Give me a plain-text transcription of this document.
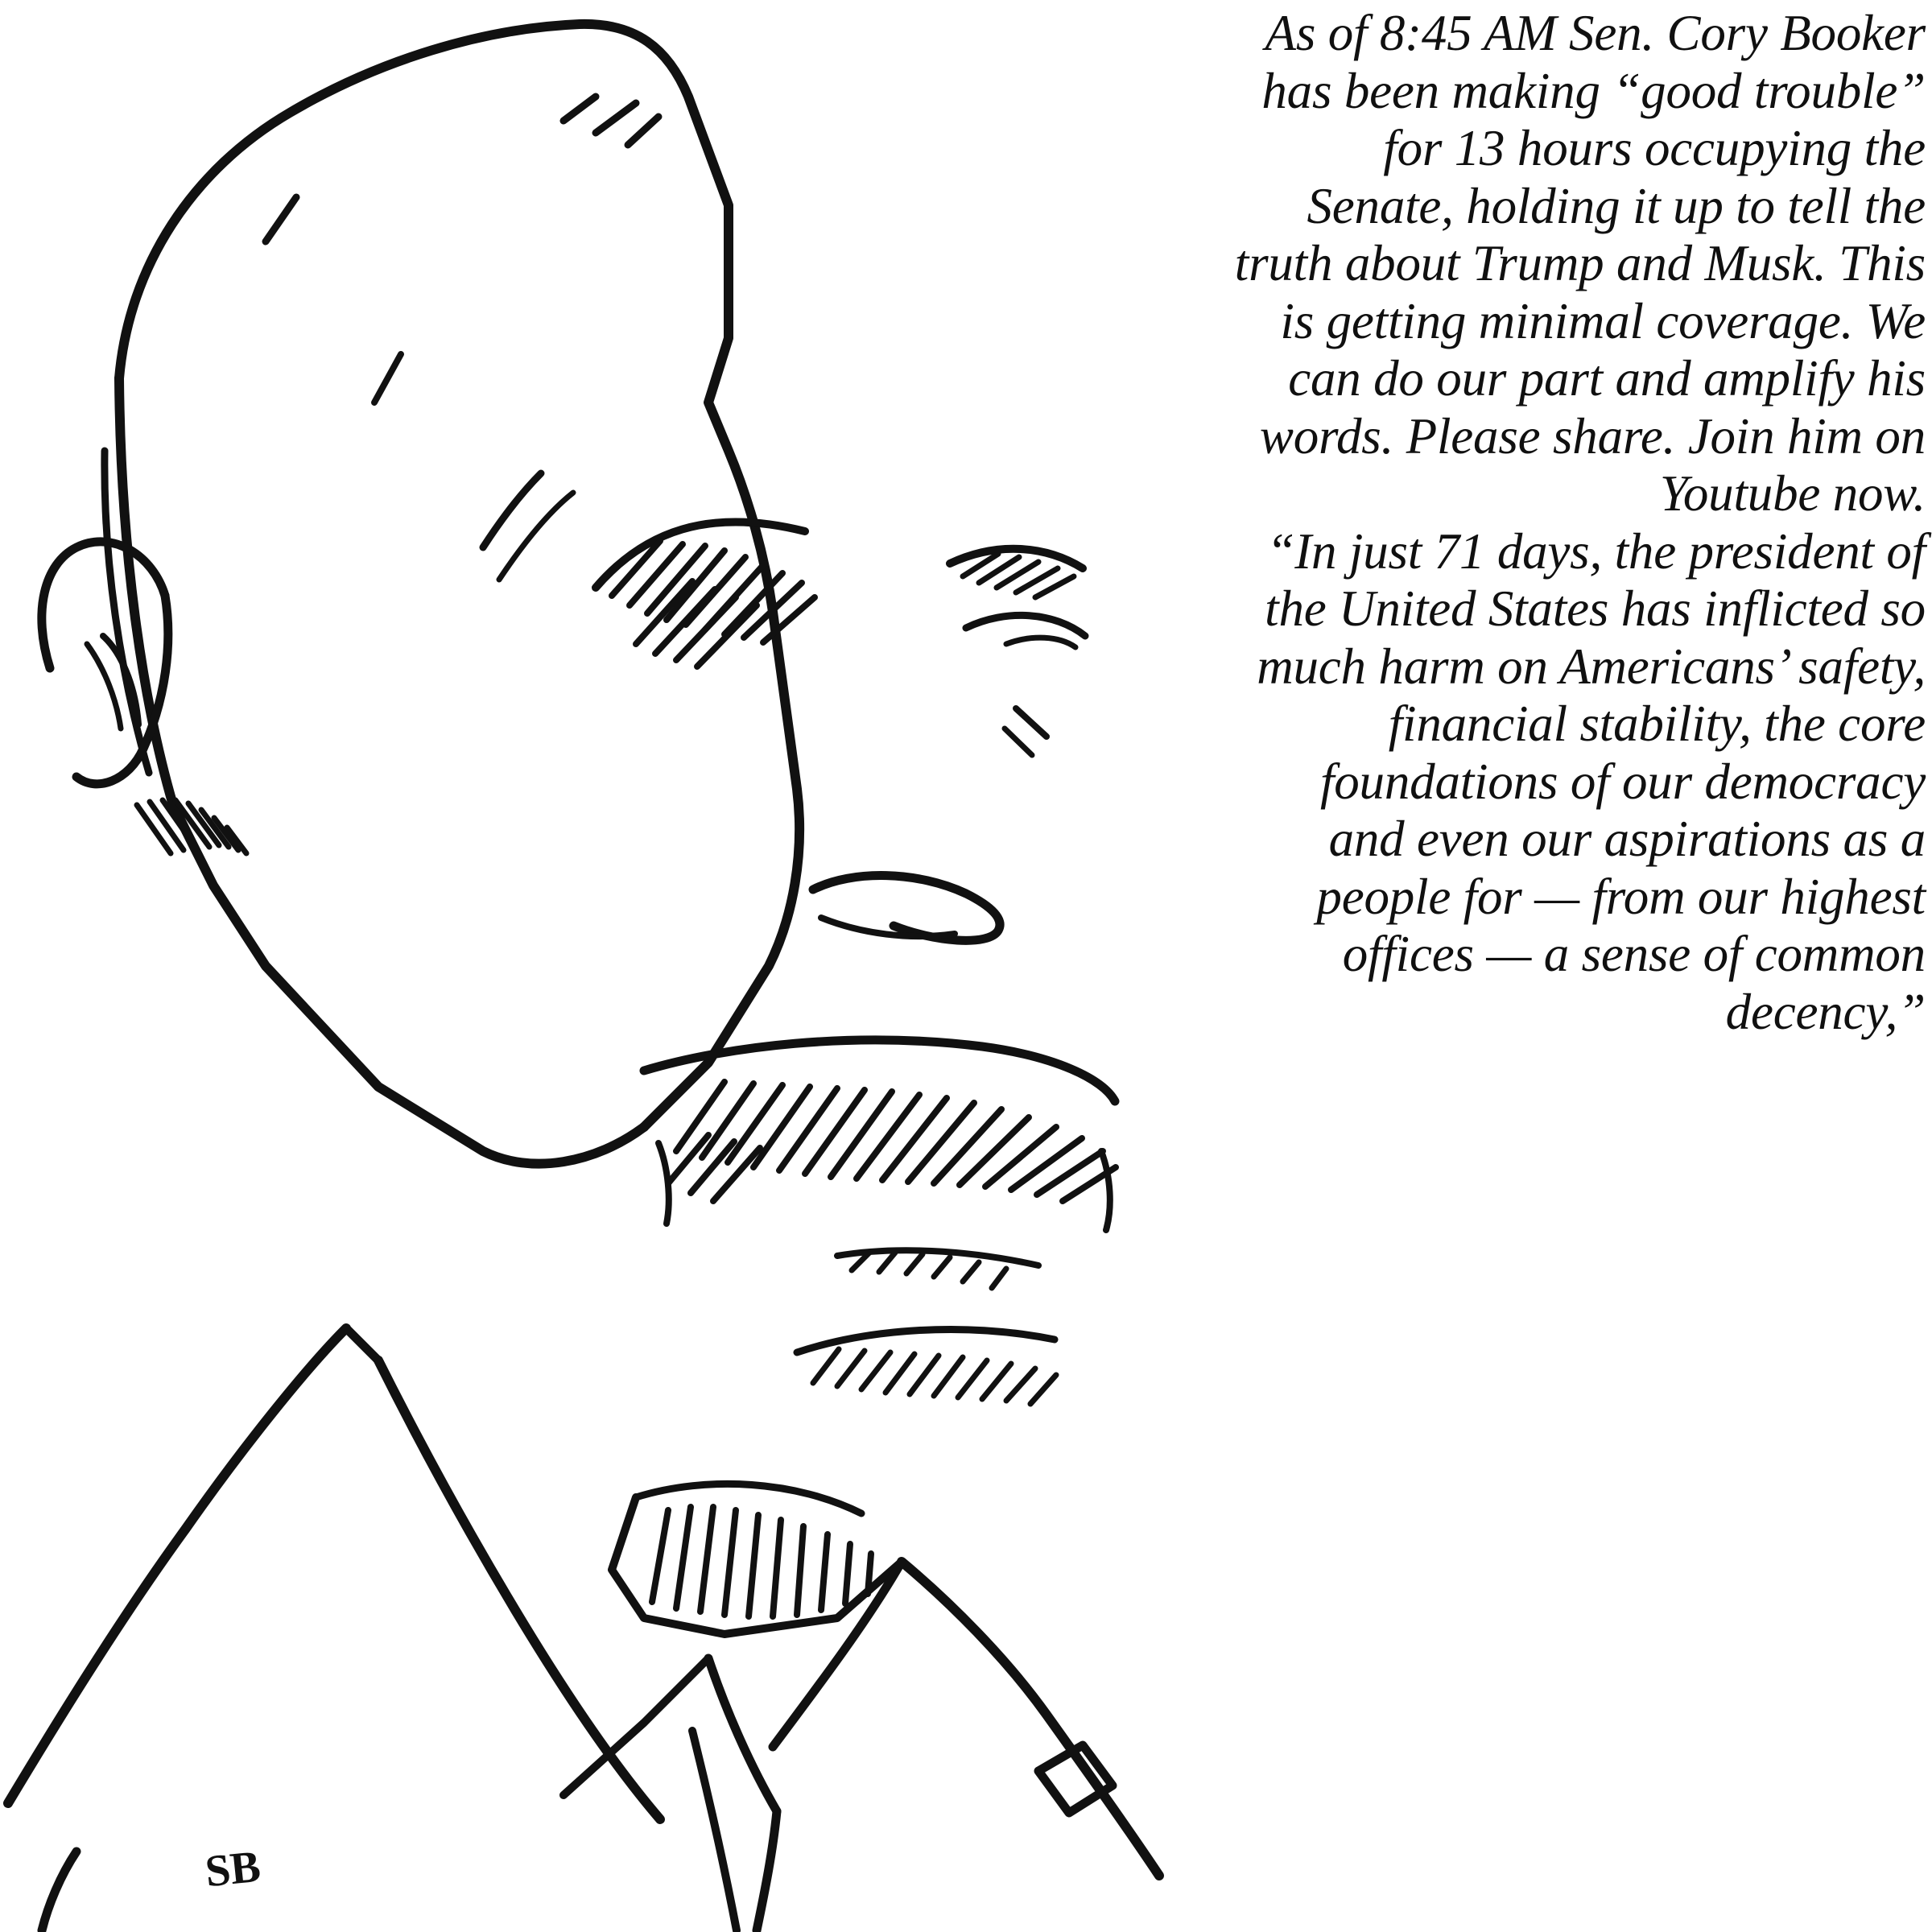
SB

As of 8:45 AM Sen. Cory Booker has been making “good trouble” for 13 hours occupying the Senate, holding it up to tell the truth about Trump and Musk. This is getting minimal coverage. We can do our part and amplify his words. Please share. Join him on Youtube now.

“In just 71 days, the president of the United States has inflicted so much harm on Americans’ safety, financial stability, the core foundations of our democracy and even our aspirations as a people for — from our highest offices — a sense of common decency,”
